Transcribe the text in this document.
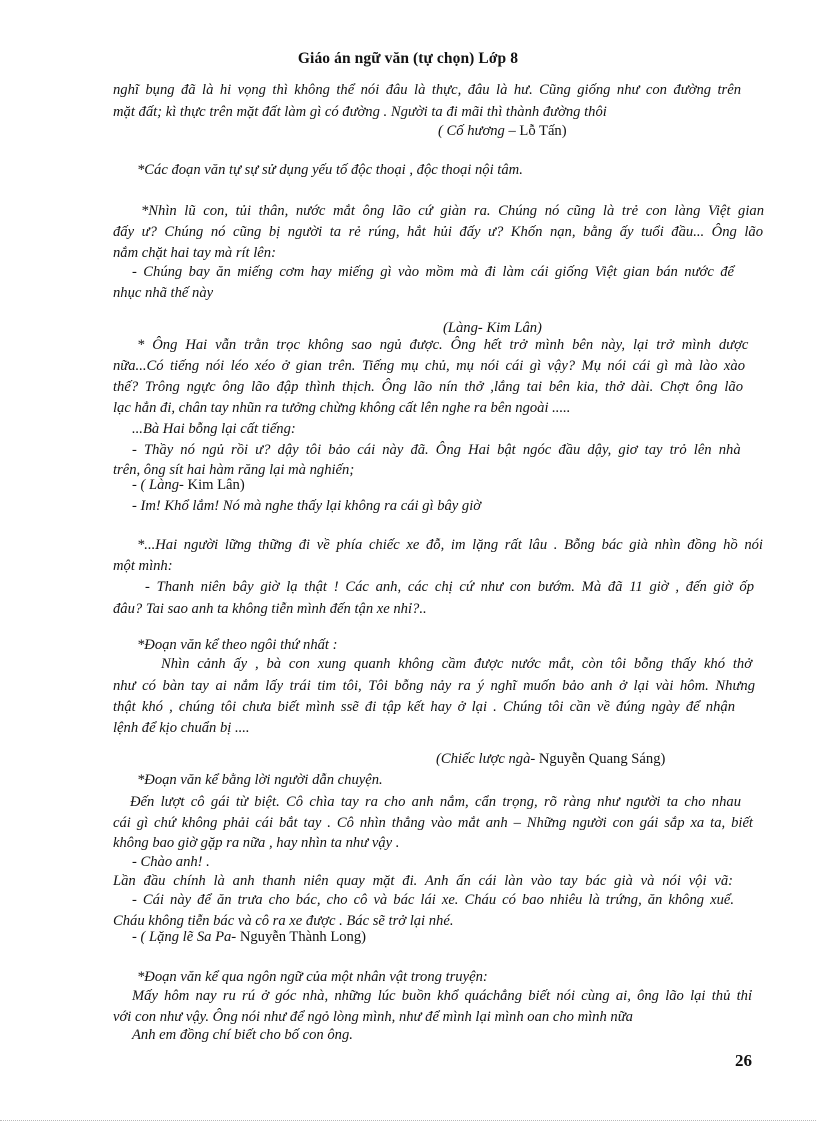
Giáo án ngữ văn (tự chọn) Lớp 8
nghĩ bụng đã là hi vọng thì không thể nói đâu là thực, đâu là hư. Cũng giống như con đường trên
mặt đất; kì thực trên mặt đất làm gì có đường . Người ta đi mãi thì thành đường thôi
( Cố hương – Lỗ Tấn)
*Các đoạn văn tự sự sử dụng yếu tố độc thoại , độc thoại nội tâm.
*Nhìn lũ con, tủi thân, nước mắt ông lão cứ giàn ra. Chúng nó cũng là trẻ con làng Việt gian
đấy ư? Chúng nó cũng bị người ta rẻ rúng, hắt hủi đấy ư? Khốn nạn, bằng ấy tuổi đầu... Ông lão
nắm chặt hai tay mà rít lên:
- Chúng bay ăn miếng cơm hay miếng gì vào mồm mà đi làm cái giống Việt gian bán nước để
nhục nhã thế này
(Làng- Kim Lân)
* Ông Hai vẫn trằn trọc không sao ngủ được. Ông hết trở mình bên này, lại trở mình dược
nữa...Có tiếng nói léo xéo ở gian trên. Tiếng mụ chủ, mụ nói cái gì vậy? Mụ nói cái gì mà lào xào
thế? Trông ngực ông lão đập thình thịch. Ông lão nín thở ,lắng tai bên kia, thở dài. Chợt ông lão
lạc hẳn đi, chân tay nhũn ra tưởng chừng không cất lên nghe ra bên ngoài .....
...Bà Hai bỗng lại cất tiếng:
- Thầy nó ngủ rồi ư? dậy tôi bảo cái này đã. Ông Hai bật ngóc đầu dậy, giơ tay trỏ lên nhà
trên, ông sít hai hàm răng lại mà nghiến;
- ( Làng- Kim Lân)
- Im! Khổ lắm! Nó mà nghe thấy lại không ra cái gì bây giờ
*...Hai người lững thững đi về phía chiếc xe đỗ, im lặng rất lâu . Bỗng bác già nhìn đồng hồ nói
một mình:
- Thanh niên bây giờ lạ thật ! Các anh, các chị cứ như con bướm. Mà đã 11 giờ , đến giờ ốp
đâu? Tai sao anh ta không tiễn mình đến tận xe nhỉ?..
*Đoạn văn kể theo ngôi thứ nhất :
Nhìn cảnh ấy , bà con xung quanh không cầm được nước mắt, còn tôi bỗng thấy khó thở
như có bàn tay ai nắm lấy trái tim tôi, Tôi bỗng nảy ra ý nghĩ muốn bảo anh ở lại vài hôm. Nhưng
thật khó , chúng tôi chưa biết mình ssẽ đi tập kết hay ở lại . Chúng tôi cần về đúng ngày để nhận
lệnh để kịo chuẩn bị ....
(Chiếc lược ngà- Nguyễn Quang Sáng)
*Đoạn văn kể bằng lời người dẫn chuyện.
Đến lượt cô gái từ biệt. Cô chìa tay ra cho anh nắm, cẩn trọng, rõ ràng như người ta cho nhau
cái gì chứ không phải cái bắt tay . Cô nhìn thẳng vào mắt anh – Những người con gái sắp xa ta, biết
không bao giờ gặp ra nữa , hay nhìn ta như vậy .
- Chào anh! .
Lần đầu chính là anh thanh niên quay mặt đi. Anh ấn cái làn vào tay bác già và nói vội vã:
- Cái này để ăn trưa cho bác, cho cô và bác lái xe. Cháu có bao nhiêu là trứng, ăn không xuể.
Cháu không tiễn bác và cô ra xe được . Bác sẽ trở lại nhé.
- ( Lặng lẽ Sa Pa- Nguyễn Thành Long)
*Đoạn văn kể qua ngôn ngữ của một nhân vật trong truyện:
Mấy hôm nay ru rú ở góc nhà, những lúc buồn khổ quáchẳng biết nói cùng ai, ông lão lại thủ thỉ
với con như vậy. Ông nói như để ngỏ lòng mình, như để mình lại mình oan cho mình nữa
Anh em đồng chí biết cho bố con ông.
26
